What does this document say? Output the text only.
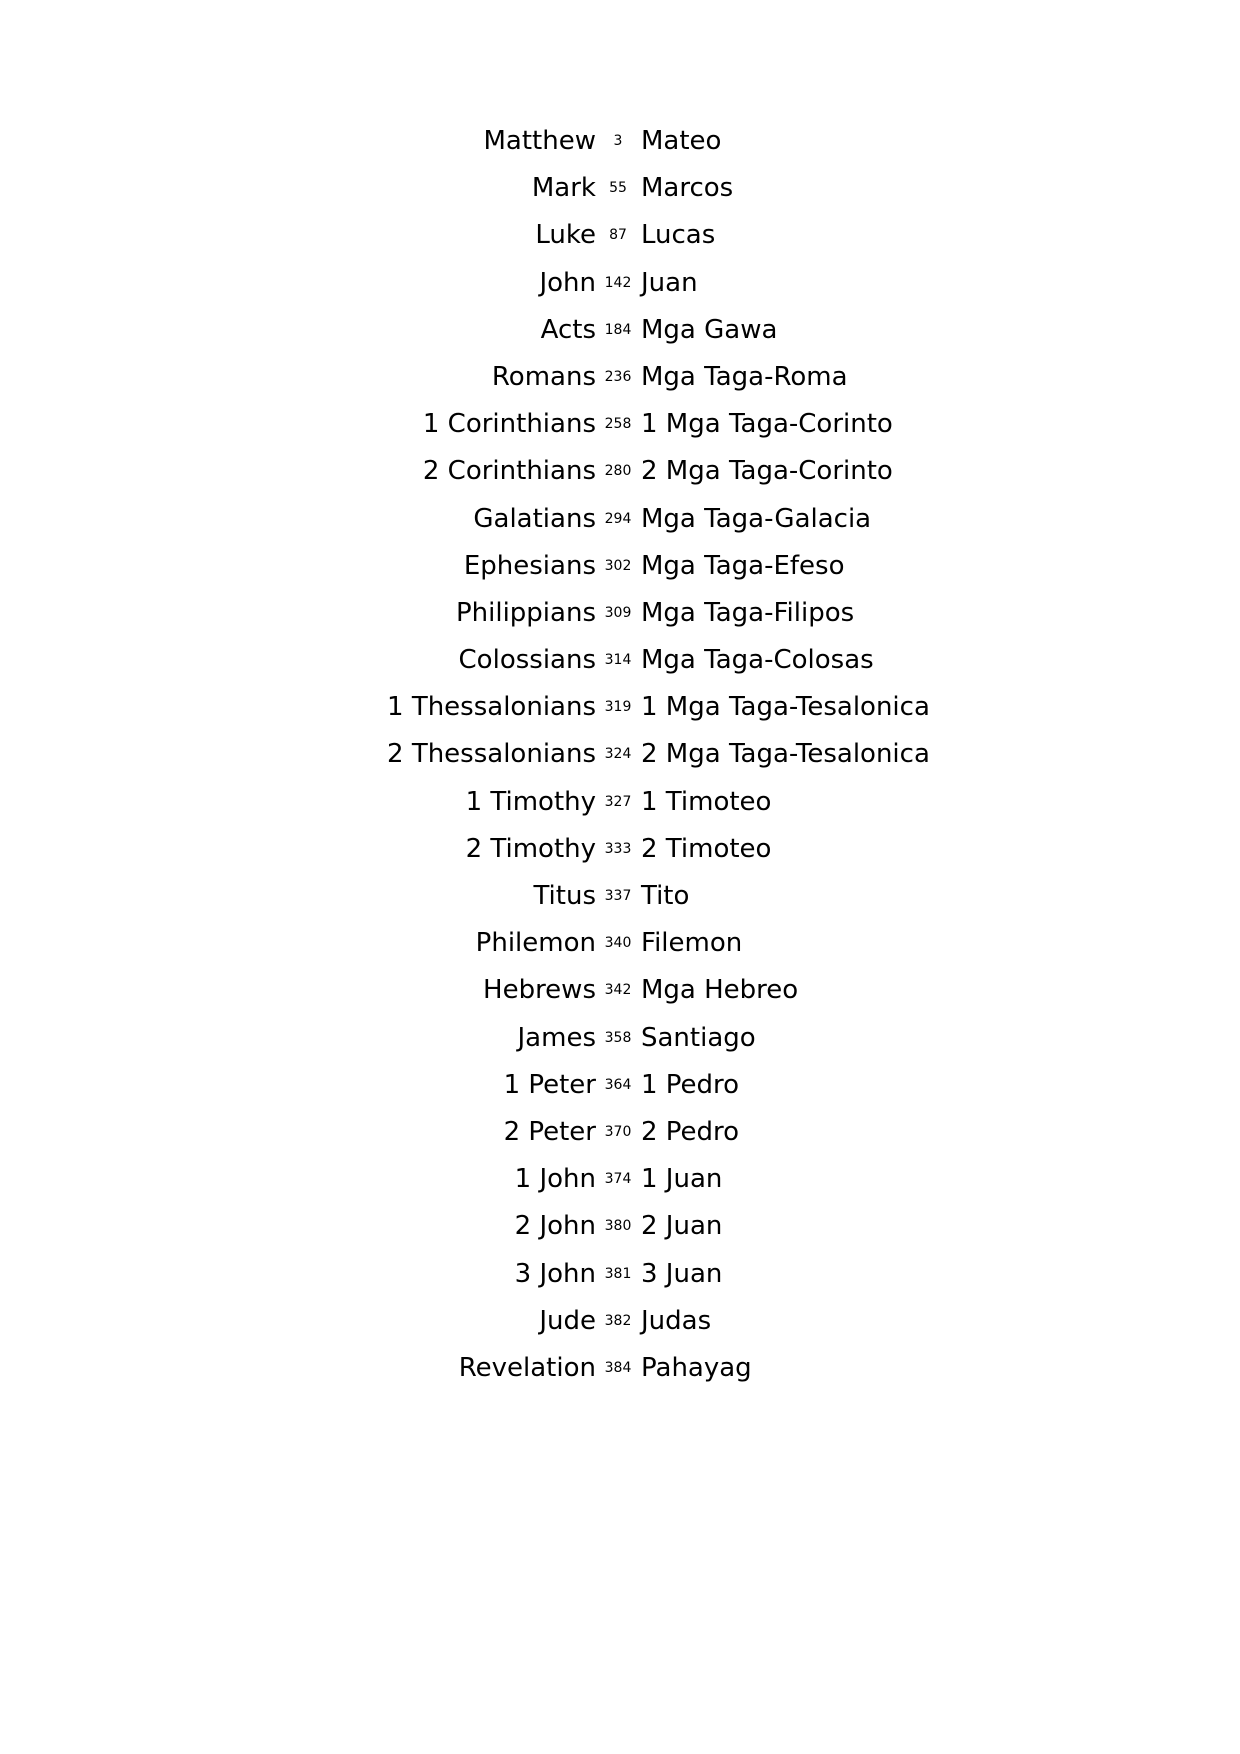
Matthew	3 Mateo
Mark 55 Marcos
Luke 87 Lucas
John 142 Juan
Acts 184 Mga Gawa
Romans 236 Mga Taga-Roma
1 Corinthians 258 1 Mga Taga-Corinto
2 Corinthians 280 2 Mga Taga-Corinto
Galatians 294 Mga Taga-Galacia
Ephesians 302 Mga Taga-Efeso
Philippians 309 Mga Taga-Filipos
Colossians 314 Mga Taga-Colosas
1 Thessalonians 319 1 Mga Taga-Tesalonica
2 Thessalonians 324 2 Mga Taga-Tesalonica
1 Timothy 327 1 Timoteo
2 Timothy 333 2 Timoteo
Titus 337 Tito
Philemon 340 Filemon
Hebrews 342 Mga Hebreo
James 358 Santiago
1 Peter 364 1 Pedro
2 Peter 370 2 Pedro
1 John 374 1 Juan
2 John 380 2 Juan
3 John 381 3 Juan
Jude 382 Judas
Revelation 384 Pahayag
